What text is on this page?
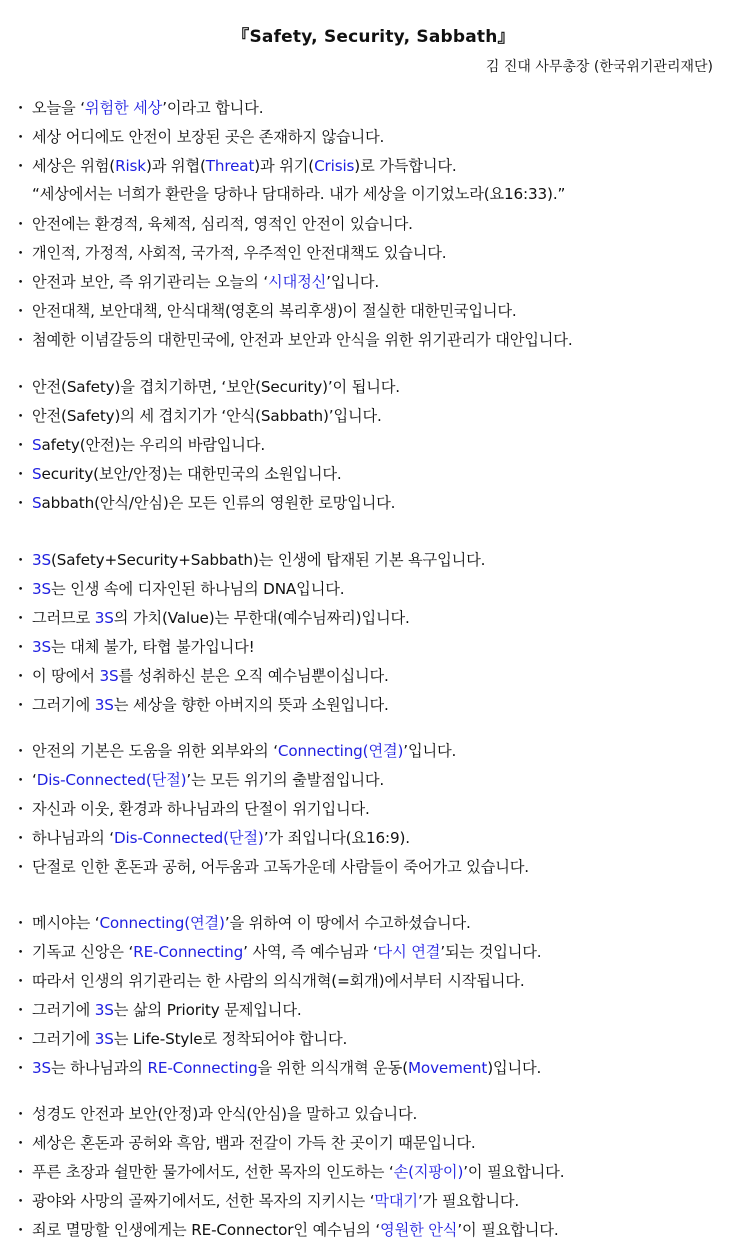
『Safety, Security, Sabbath』
김 진대 사무총장 (한국위기관리재단)
・ 오늘을 ‘위험한 세상’이라고 합니다.
・ 세상 어디에도 안전이 보장된 곳은 존재하지 않습니다.
・ 세상은 위험(Risk)과 위협(Threat)과 위기(Crisis)로 가득합니다.
“세상에서는 너희가 환란을 당하나 담대하라. 내가 세상을 이기었노라(요16:33).”
・ 안전에는 환경적, 육체적, 심리적, 영적인 안전이 있습니다.
・ 개인적, 가정적, 사회적, 국가적, 우주적인 안전대책도 있습니다.
・ 안전과 보안, 즉 위기관리는 오늘의 ‘시대정신’입니다.
・ 안전대책, 보안대책, 안식대책(영혼의 복리후생)이 절실한 대한민국입니다.
・ 첨예한 이념갈등의 대한민국에, 안전과 보안과 안식을 위한 위기관리가 대안입니다.
・ 안전(Safety)을 겹치기하면, ‘보안(Security)’이 됩니다.
・ 안전(Safety)의 세 겹치기가 ‘안식(Sabbath)’입니다.
・ Safety(안전)는 우리의 바람입니다.
・ Security(보안/안정)는 대한민국의 소원입니다.
・ Sabbath(안식/안심)은 모든 인류의 영원한 로망입니다.
・ 3S(Safety+Security+Sabbath)는 인생에 탑재된 기본 욕구입니다.
・ 3S는 인생 속에 디자인된 하나님의 DNA입니다.
・ 그러므로 3S의 가치(Value)는 무한대(예수님짜리)입니다.
・ 3S는 대체 불가, 타협 불가입니다!
・ 이 땅에서 3S를 성취하신 분은 오직 예수님뿐이십니다.
・ 그러기에 3S는 세상을 향한 아버지의 뜻과 소원입니다.
・ 안전의 기본은 도움을 위한 외부와의 ‘Connecting(연결)’입니다.
・ ‘Dis-Connected(단절)’는 모든 위기의 출발점입니다.
・ 자신과 이웃, 환경과 하나님과의 단절이 위기입니다.
・ 하나님과의 ‘Dis-Connected(단절)’가 죄입니다(요16:9).
・ 단절로 인한 혼돈과 공허, 어두움과 고독가운데 사람들이 죽어가고 있습니다.
・ 메시야는 ‘Connecting(연결)’을 위하여 이 땅에서 수고하셨습니다.
・ 기독교 신앙은 ‘RE-Connecting’ 사역, 즉 예수님과 ‘다시 연결’되는 것입니다.
・ 따라서 인생의 위기관리는 한 사람의 의식개혁(=회개)에서부터 시작됩니다.
・ 그러기에 3S는 삶의 Priority 문제입니다.
・ 그러기에 3S는 Life-Style로 정착되어야 합니다.
・ 3S는 하나님과의 RE-Connecting을 위한 의식개혁 운동(Movement)입니다.
・ 성경도 안전과 보안(안정)과 안식(안심)을 말하고 있습니다.
・ 세상은 혼돈과 공허와 흑암, 뱀과 전갈이 가득 찬 곳이기 때문입니다.
・ 푸른 초장과 쉴만한 물가에서도, 선한 목자의 인도하는 ‘손(지팡이)’이 필요합니다.
・ 광야와 사망의 골짜기에서도, 선한 목자의 지키시는 ‘막대기’가 필요합니다.
・ 죄로 멸망할 인생에게는 RE-Connector인 예수님의 ‘영원한 안식’이 필요합니다.
